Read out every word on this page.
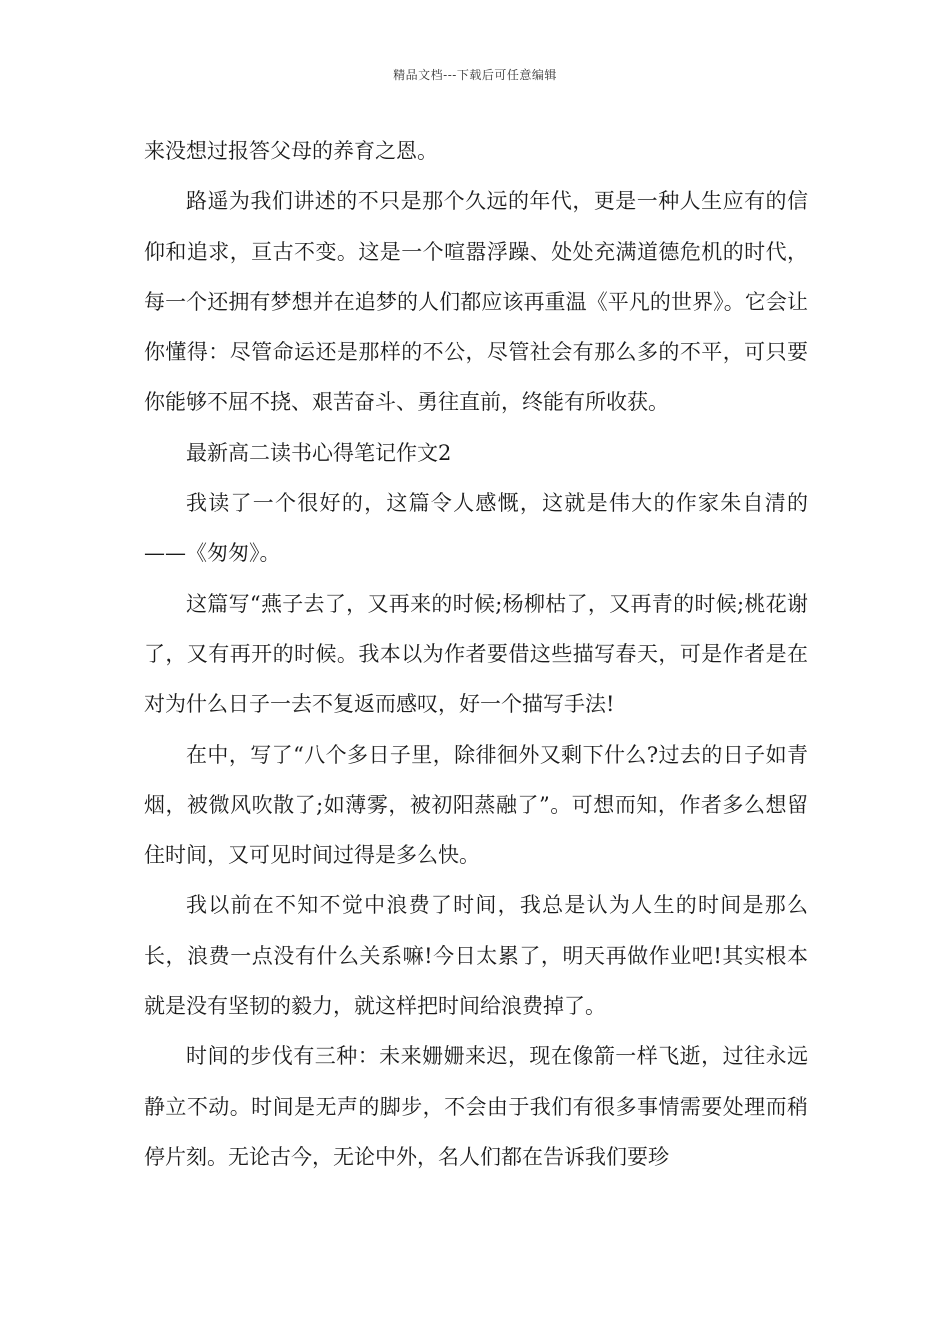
精品文档---下载后可任意编辑

来没想过报答父母的养育之恩。

路遥为我们讲述的不只是那个久远的年代，更是一种人生应有的信仰和追求，亘古不变。这是一个喧嚣浮躁、处处充满道德危机的时代，每一个还拥有梦想并在追梦的人们都应该再重温《平凡的世界》。它会让你懂得：尽管命运还是那样的不公，尽管社会有那么多的不平，可只要你能够不屈不挠、艰苦奋斗、勇往直前，终能有所收获。

最新高二读书心得笔记作文2

我读了一个很好的，这篇令人感慨，这就是伟大的作家朱自清的——《匆匆》。

这篇写“燕子去了，又再来的时候;杨柳枯了，又再青的时候;桃花谢了，又有再开的时候。我本以为作者要借这些描写春天，可是作者是在对为什么日子一去不复返而感叹，好一个描写手法!

在中，写了“八个多日子里，除徘徊外又剩下什么?过去的日子如青烟，被微风吹散了;如薄雾，被初阳蒸融了”。可想而知，作者多么想留住时间，又可见时间过得是多么快。

我以前在不知不觉中浪费了时间，我总是认为人生的时间是那么长，浪费一点没有什么关系嘛!今日太累了，明天再做作业吧!其实根本就是没有坚韧的毅力，就这样把时间给浪费掉了。

时间的步伐有三种：未来姗姗来迟，现在像箭一样飞逝，过往永远静立不动。时间是无声的脚步，不会由于我们有很多事情需要处理而稍停片刻。无论古今，无论中外，名人们都在告诉我们要珍
